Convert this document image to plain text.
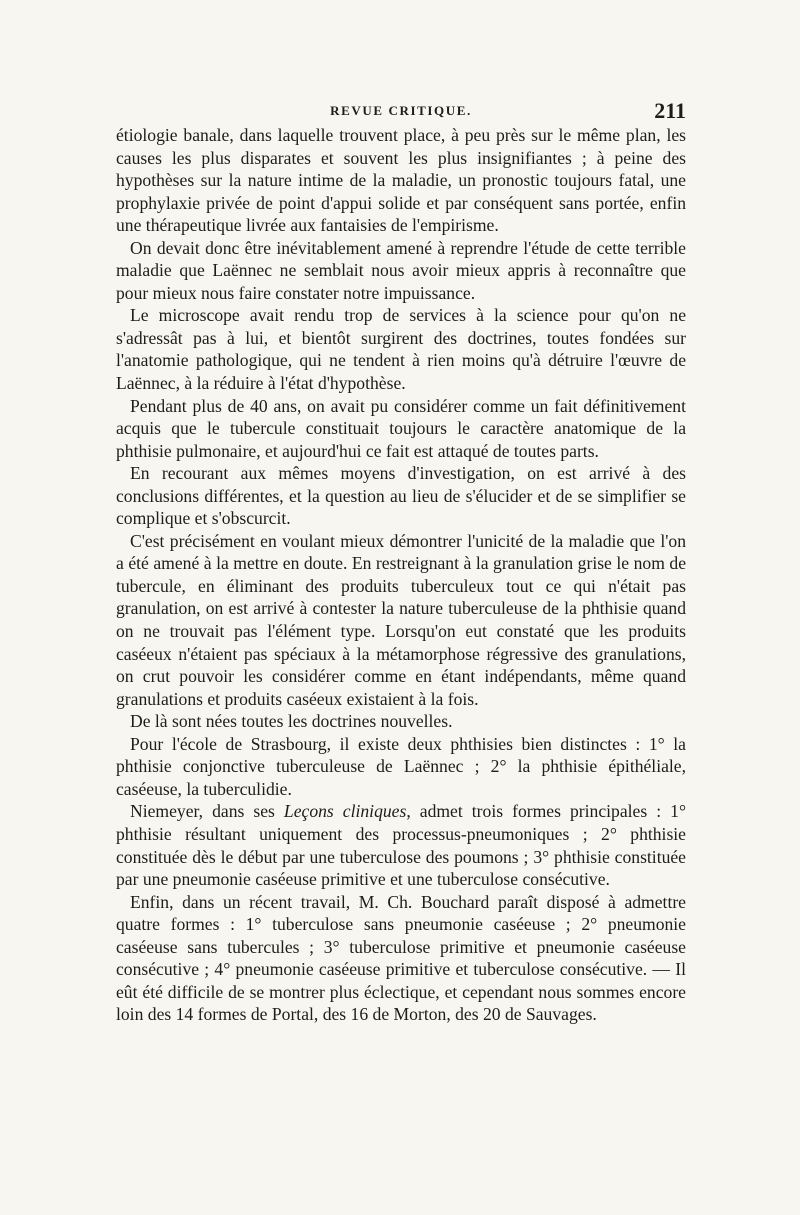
REVUE CRITIQUE.	211

étiologie banale, dans laquelle trouvent place, à peu près sur le même plan, les causes les plus disparates et souvent les plus insignifiantes ; à peine des hypothèses sur la nature intime de la maladie, un pronostic toujours fatal, une prophylaxie privée de point d'appui solide et par conséquent sans portée, enfin une thérapeutique livrée aux fantaisies de l'empirisme.

On devait donc être inévitablement amené à reprendre l'étude de cette terrible maladie que Laënnec ne semblait nous avoir mieux appris à reconnaître que pour mieux nous faire constater notre impuissance.

Le microscope avait rendu trop de services à la science pour qu'on ne s'adressât pas à lui, et bientôt surgirent des doctrines, toutes fondées sur l'anatomie pathologique, qui ne tendent à rien moins qu'à détruire l'œuvre de Laënnec, à la réduire à l'état d'hypothèse.

Pendant plus de 40 ans, on avait pu considérer comme un fait définitivement acquis que le tubercule constituait toujours le caractère anatomique de la phthisie pulmonaire, et aujourd'hui ce fait est attaqué de toutes parts.

En recourant aux mêmes moyens d'investigation, on est arrivé à des conclusions différentes, et la question au lieu de s'élucider et de se simplifier se complique et s'obscurcit.

C'est précisément en voulant mieux démontrer l'unicité de la maladie que l'on a été amené à la mettre en doute. En restreignant à la granulation grise le nom de tubercule, en éliminant des produits tuberculeux tout ce qui n'était pas granulation, on est arrivé à contester la nature tuberculeuse de la phthisie quand on ne trouvait pas l'élément type. Lorsqu'on eut constaté que les produits caséeux n'étaient pas spéciaux à la métamorphose régressive des granulations, on crut pouvoir les considérer comme en étant indépendants, même quand granulations et produits caséeux existaient à la fois.

De là sont nées toutes les doctrines nouvelles.

Pour l'école de Strasbourg, il existe deux phthisies bien distinctes : 1° la phthisie conjonctive tuberculeuse de Laënnec ; 2° la phthisie épithéliale, caséeuse, la tuberculidie.

Niemeyer, dans ses Leçons cliniques, admet trois formes principales : 1° phthisie résultant uniquement des processus-pneumoniques ; 2° phthisie constituée dès le début par une tuberculose des poumons ; 3° phthisie constituée par une pneumonie caséeuse primitive et une tuberculose consécutive.

Enfin, dans un récent travail, M. Ch. Bouchard paraît disposé à admettre quatre formes : 1° tuberculose sans pneumonie caséeuse ; 2° pneumonie caséeuse sans tubercules ; 3° tuberculose primitive et pneumonie caséeuse consécutive ; 4° pneumonie caséeuse primitive et tuberculose consécutive. — Il eût été difficile de se montrer plus éclectique, et cependant nous sommes encore loin des 14 formes de Portal, des 16 de Morton, des 20 de Sauvages.
